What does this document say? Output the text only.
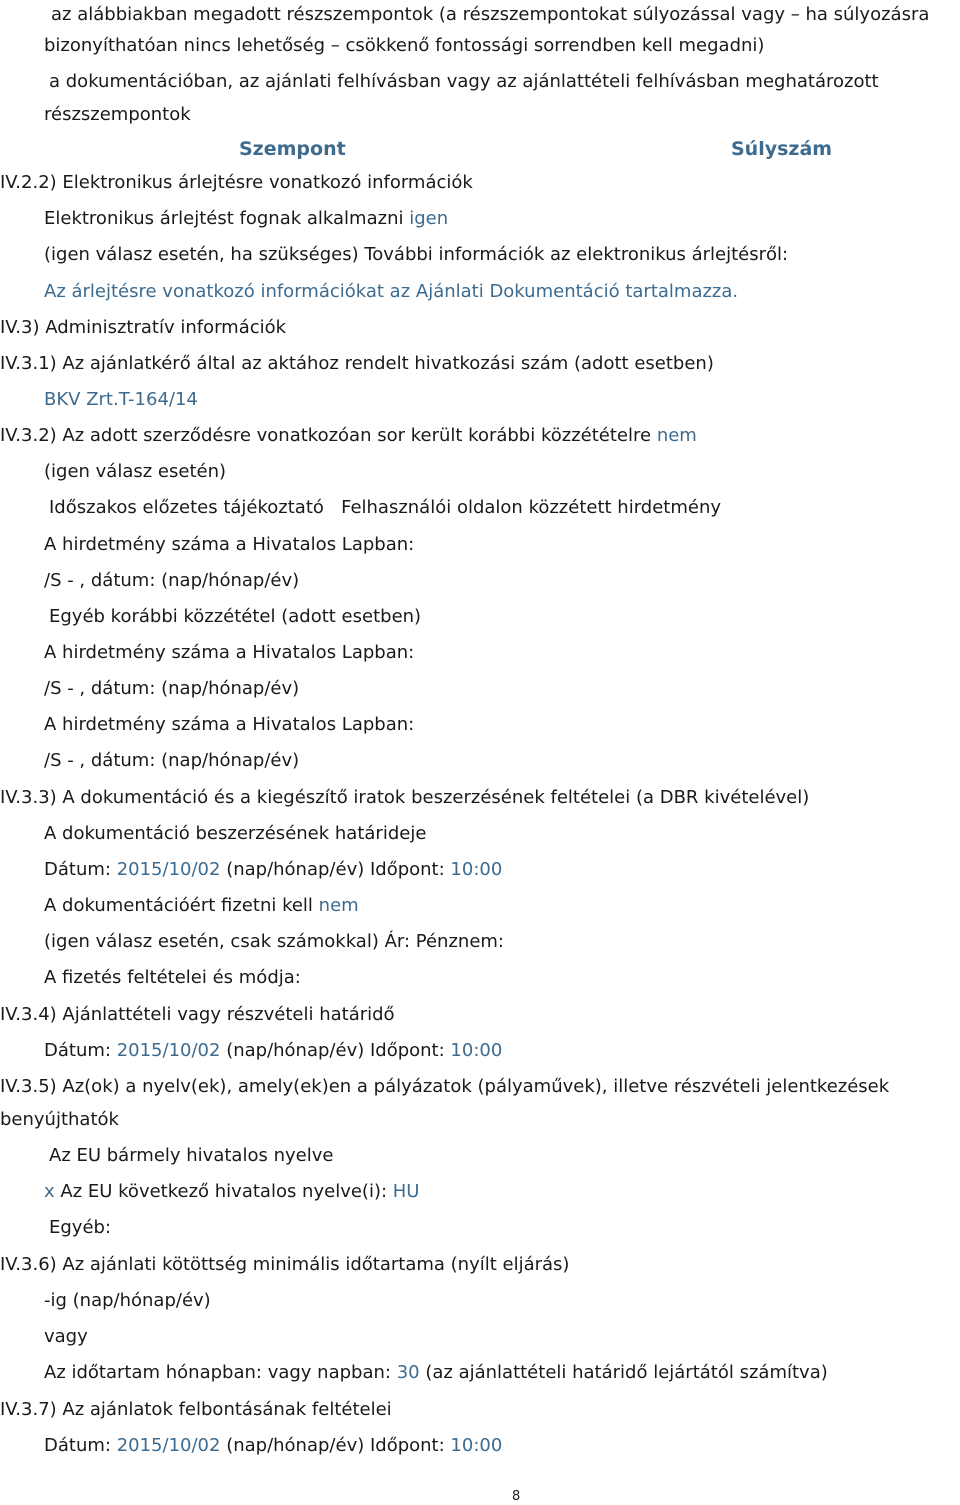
az alábbiakban megadott részszempontok (a részszempontokat súlyozással vagy – ha súlyozásra
bizonyíthatóan nincs lehetőség – csökkenő fontossági sorrendben kell megadni)
a dokumentációban, az ajánlati felhívásban vagy az ajánlattételi felhívásban meghatározott
részszempontok
Szempont	Súlyszám
IV.2.2) Elektronikus árlejtésre vonatkozó információk
Elektronikus árlejtést fognak alkalmazni igen
(igen válasz esetén, ha szükséges) További információk az elektronikus árlejtésről:
Az árlejtésre vonatkozó információkat az Ajánlati Dokumentáció tartalmazza.
IV.3) Adminisztratív információk
IV.3.1) Az ajánlatkérő által az aktához rendelt hivatkozási szám (adott esetben)
BKV Zrt.T-164/14
IV.3.2) Az adott szerződésre vonatkozóan sor került korábbi közzétételre nem
(igen válasz esetén)
Időszakos előzetes tájékoztató   Felhasználói oldalon közzétett hirdetmény
A hirdetmény száma a Hivatalos Lapban:
/S - , dátum: (nap/hónap/év)
Egyéb korábbi közzététel (adott esetben)
A hirdetmény száma a Hivatalos Lapban:
/S - , dátum: (nap/hónap/év)
A hirdetmény száma a Hivatalos Lapban:
/S - , dátum: (nap/hónap/év)
IV.3.3) A dokumentáció és a kiegészítő iratok beszerzésének feltételei (a DBR kivételével)
A dokumentáció beszerzésének határideje
Dátum: 2015/10/02 (nap/hónap/év) Időpont: 10:00
A dokumentációért fizetni kell nem
(igen válasz esetén, csak számokkal) Ár: Pénznem:
A fizetés feltételei és módja:
IV.3.4) Ajánlattételi vagy részvételi határidő
Dátum: 2015/10/02 (nap/hónap/év) Időpont: 10:00
IV.3.5) Az(ok) a nyelv(ek), amely(ek)en a pályázatok (pályaművek), illetve részvételi jelentkezések
benyújthatók
Az EU bármely hivatalos nyelve
x Az EU következő hivatalos nyelve(i): HU
Egyéb:
IV.3.6) Az ajánlati kötöttség minimális időtartama (nyílt eljárás)
-ig (nap/hónap/év)
vagy
Az időtartam hónapban: vagy napban: 30 (az ajánlattételi határidő lejártától számítva)
IV.3.7) Az ajánlatok felbontásának feltételei
Dátum: 2015/10/02 (nap/hónap/év) Időpont: 10:00
8
